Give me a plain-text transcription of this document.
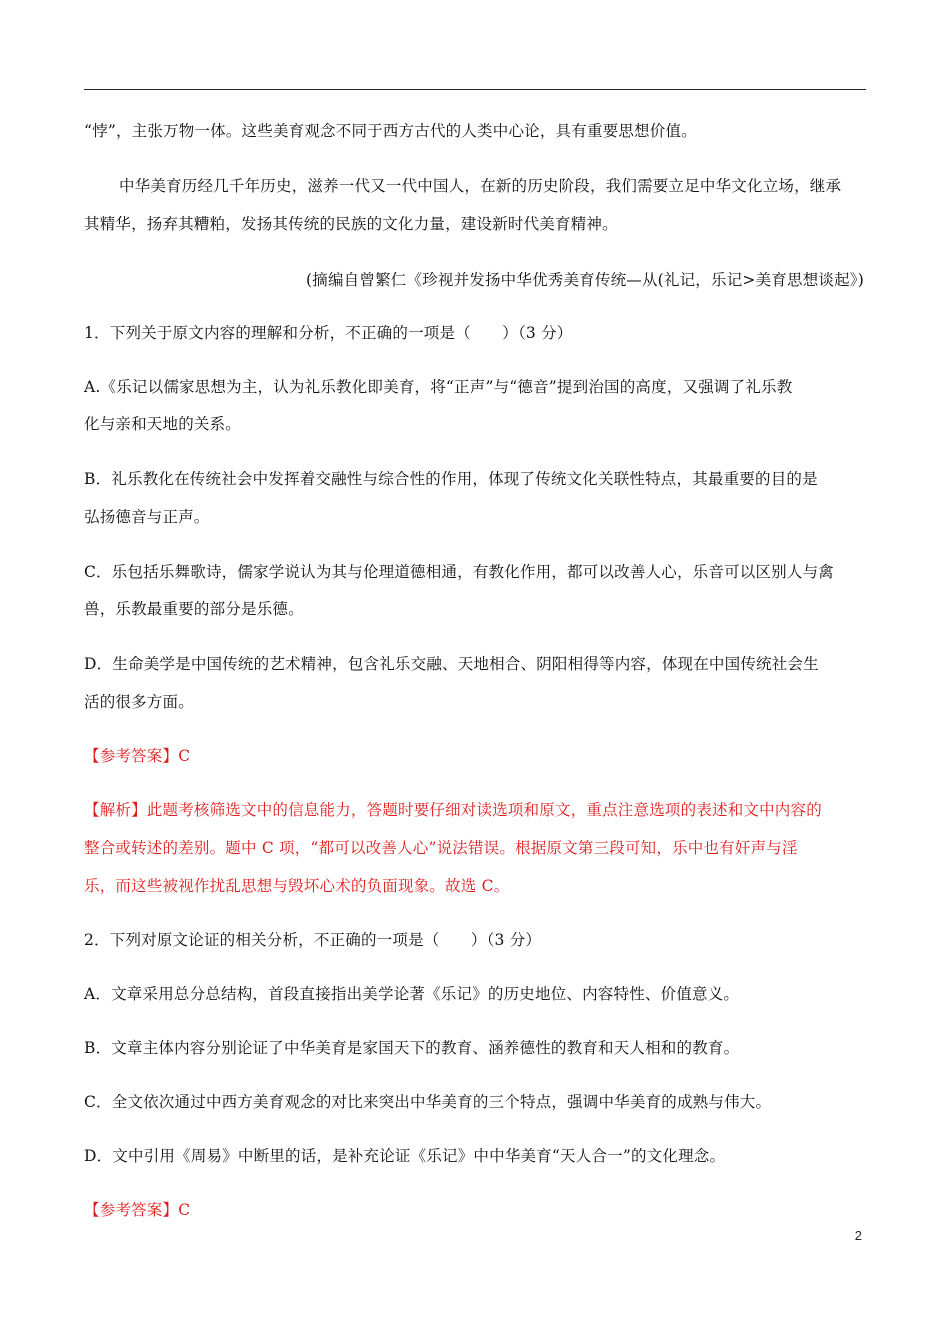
“悖”，主张万物一体。这些美育观念不同于西方古代的人类中心论，具有重要思想价值。
中华美育历经几千年历史，滋养一代又一代中国人，在新的历史阶段，我们需要立足中华文化立场，继承
其精华，扬弃其糟粕，发扬其传统的民族的文化力量，建设新时代美育精神。
(摘编自曾繁仁《珍视并发扬中华优秀美育传统—从(礼记，乐记>美育思想谈起》)
1．下列关于原文内容的理解和分析，不正确的一项是（　　）（3 分）
A.《乐记以儒家思想为主，认为礼乐教化即美育，将“正声”与“德音”提到治国的高度，又强调了礼乐教
化与亲和天地的关系。
B．礼乐教化在传统社会中发挥着交融性与综合性的作用，体现了传统文化关联性特点，其最重要的目的是
弘扬德音与正声。
C．乐包括乐舞歌诗，儒家学说认为其与伦理道德相通，有教化作用，都可以改善人心，乐音可以区别人与禽
兽，乐教最重要的部分是乐德。
D．生命美学是中国传统的艺术精神，包含礼乐交融、天地相合、阴阳相得等内容，体现在中国传统社会生
活的很多方面。
【参考答案】C
【解析】此题考核筛选文中的信息能力，答题时要仔细对读选项和原文，重点注意选项的表述和文中内容的
整合或转述的差别。题中 C 项，“都可以改善人心”说法错误。根据原文第三段可知，乐中也有奸声与淫
乐，而这些被视作扰乱思想与毁坏心术的负面现象。故选 C。
2．下列对原文论证的相关分析，不正确的一项是（　　）（3 分）
A．文章采用总分总结构，首段直接指出美学论著《乐记》的历史地位、内容特性、价值意义。
B．文章主体内容分别论证了中华美育是家国天下的教育、涵养德性的教育和天人相和的教育。
C．全文依次通过中西方美育观念的对比来突出中华美育的三个特点，强调中华美育的成熟与伟大。
D．文中引用《周易》中断里的话，是补充论证《乐记》中中华美育“天人合一”的文化理念。
【参考答案】C
2
